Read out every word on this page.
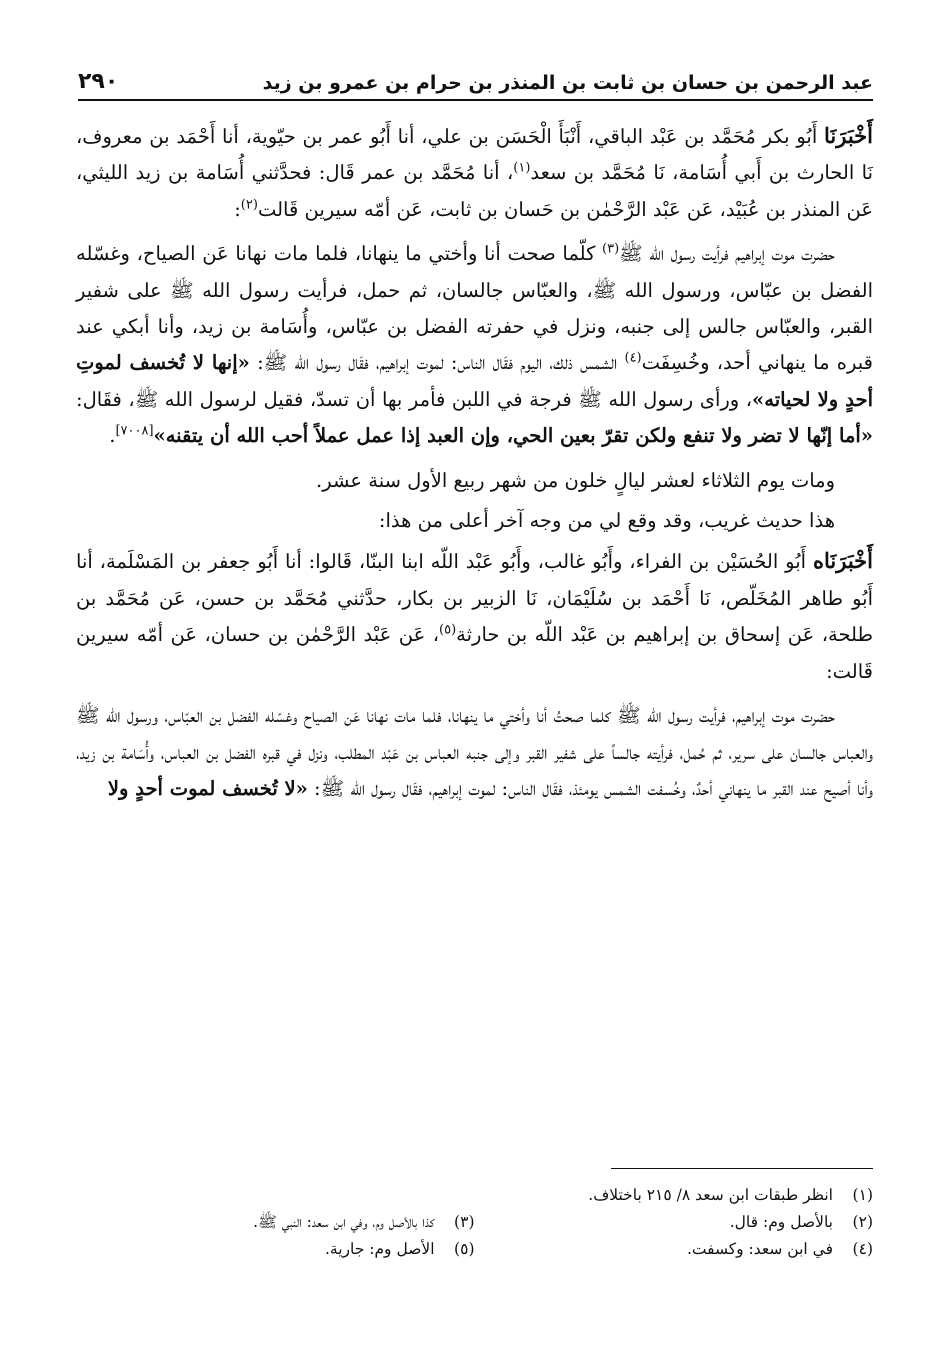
عبد الرحمن بن حسان بن ثابت بن المنذر بن حرام بن عمرو بن زيد
٢٩٠

أَخْبَرَنَا أَبُو بكر مُحَمَّد بن عَبْد الباقي، أَنْبَأَ الْحَسَن بن علي، أنا أَبُو عمر بن حيّوية، أنا أَحْمَد بن معروف، نَا الحارث بن أَبي أُسَامة، نَا مُحَمَّد بن سعد$^{(١)}$، أنا مُحَمَّد بن عمر قَال: فحدَّثني أُسَامة بن زيد الليثي، عَن المنذر بن عُبَيْد، عَن عَبْد الرَّحْمٰن بن حَسان بن ثابت، عَن أمّه سيرين قَالت$^{(٢)}$:

حضرت موت إبراهيم فرأيت رسول الله ﷺ$^{(٣)}$ كلّما صحت أنا وأختي ما ينهانا، فلما مات نهانا عَن الصياح، وغسّله الفضل بن عبّاس، ورسول الله ﷺ، والعبّاس جالسان، ثم حمل، فرأيت رسول الله ﷺ على شفير القبر، والعبّاس جالس إلى جنبه، ونزل في حفرته الفضل بن عبّاس، وأُسَامة بن زيد، وأنا أبكي عند قبره ما ينهاني أحد، وخُسِفَت$^{(٤)}$ الشمس ذلك، اليوم فقَال الناس: لموت إبراهيم، فقَال رسول الله ﷺ: «إنها لا تُخسف لموتِ أحدٍ ولا لحياته»، ورأى رسول الله ﷺ فرجة في اللبن فأمر بها أن تسدّ، فقيل لرسول الله ﷺ، فقَال: «أما إنّها لا تضر ولا تنفع ولكن تقرّ بعين الحي، وإن العبد إذا عمل عملاً أحب الله أن يتقنه»[٧٠٠٨].

ومات يوم الثلاثاء لعشر ليالٍ خلون من شهر ربيع الأول سنة عشر.

هذا حديث غريب، وقد وقع لي من وجه آخر أعلى من هذا:

أَخْبَرَنَاه أَبُو الحُسَيْن بن الفراء، وأَبُو غالب، وأَبُو عَبْد اللّه ابنا البنّا، قَالوا: أنا أَبُو جعفر بن المَسْلَمة، أنا أَبُو طاهر المُخَلّص، نَا أَحْمَد بن سُلَيْمَان، نَا الزبير بن بكار، حدَّثني مُحَمَّد بن حسن، عَن مُحَمَّد بن طلحة، عَن إسحاق بن إبراهيم بن عَبْد اللّه بن حارثة$^{(٥)}$، عَن عَبْد الرَّحْمٰن بن حسان، عَن أمّه سيرين قَالت:

حضرت موت إبراهيم، فرأيت رسول الله ﷺ كلما صحتُ أنا وأختي ما ينهانا، فلما مات نهانا عَن الصياح وغسّله الفضل بن العبّاس، ورسول الله ﷺ والعباس جالسان على سرير، ثم حُمل، فرأيته جالساً على شفير القبر وإلى جنبه العباس بن عَبْد المطلب، ونزل في قبره الفضل بن العباس، وأُسَامة بن زيد، وأنا أصيح عند القبر ما ينهاني أحدٌ، وخُسفت الشمس يومئذ، فقَال الناس: لموت إبراهيم، فقَال رسول الله ﷺ: «لا تُخسف لموت أحدٍ ولا

(١)
انظر طبقات ابن سعد ٨/ ٢١٥ باختلاف.
(٢)
بالأصل وم: قال.
(٣)
كذا بالأصل وم، وفي ابن سعد: النبي ﷺ.
(٤)
في ابن سعد: وكسفت.
(٥)
الأصل وم: جارية.
